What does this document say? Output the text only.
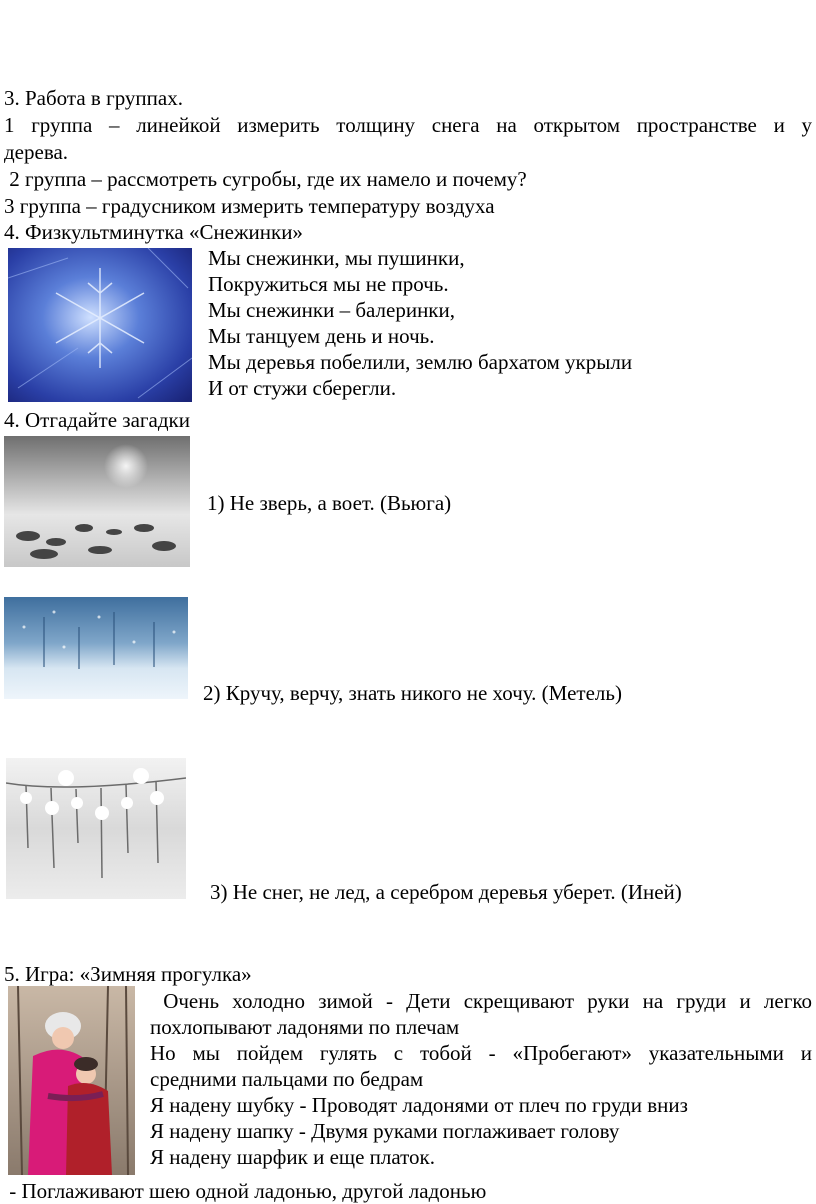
3. Работа в группах.
1 группа – линейкой измерить толщину снега на открытом пространстве и у
дерева.
2 группа – рассмотреть сугробы, где их намело и почему?
3 группа – градусником измерить температуру воздуха
4. Физкультминутка «Снежинки»
Мы снежинки, мы пушинки,
Покружиться мы не прочь.
Мы снежинки – балеринки,
Мы танцуем день и ночь.
Мы деревья побелили, землю бархатом укрыли
И от стужи сберегли.
4. Отгадайте загадки
1) Не зверь, а воет. (Вьюга)
2) Кручу, верчу, знать никого не хочу. (Метель)
3) Не снег, не лед, а серебром деревья уберет. (Иней)
5. Игра: «Зимняя прогулка»
Очень холодно зимой - Дети скрещивают руки на груди и легко
похлопывают ладонями по плечам
Но мы пойдем гулять с тобой - «Пробегают» указательными и
средними пальцами по бедрам
Я надену шубку - Проводят ладонями от плеч по груди вниз
Я надену шапку - Двумя руками поглаживает голову
Я надену шарфик и еще платок.
- Поглаживают шею одной ладонью, другой ладонью
